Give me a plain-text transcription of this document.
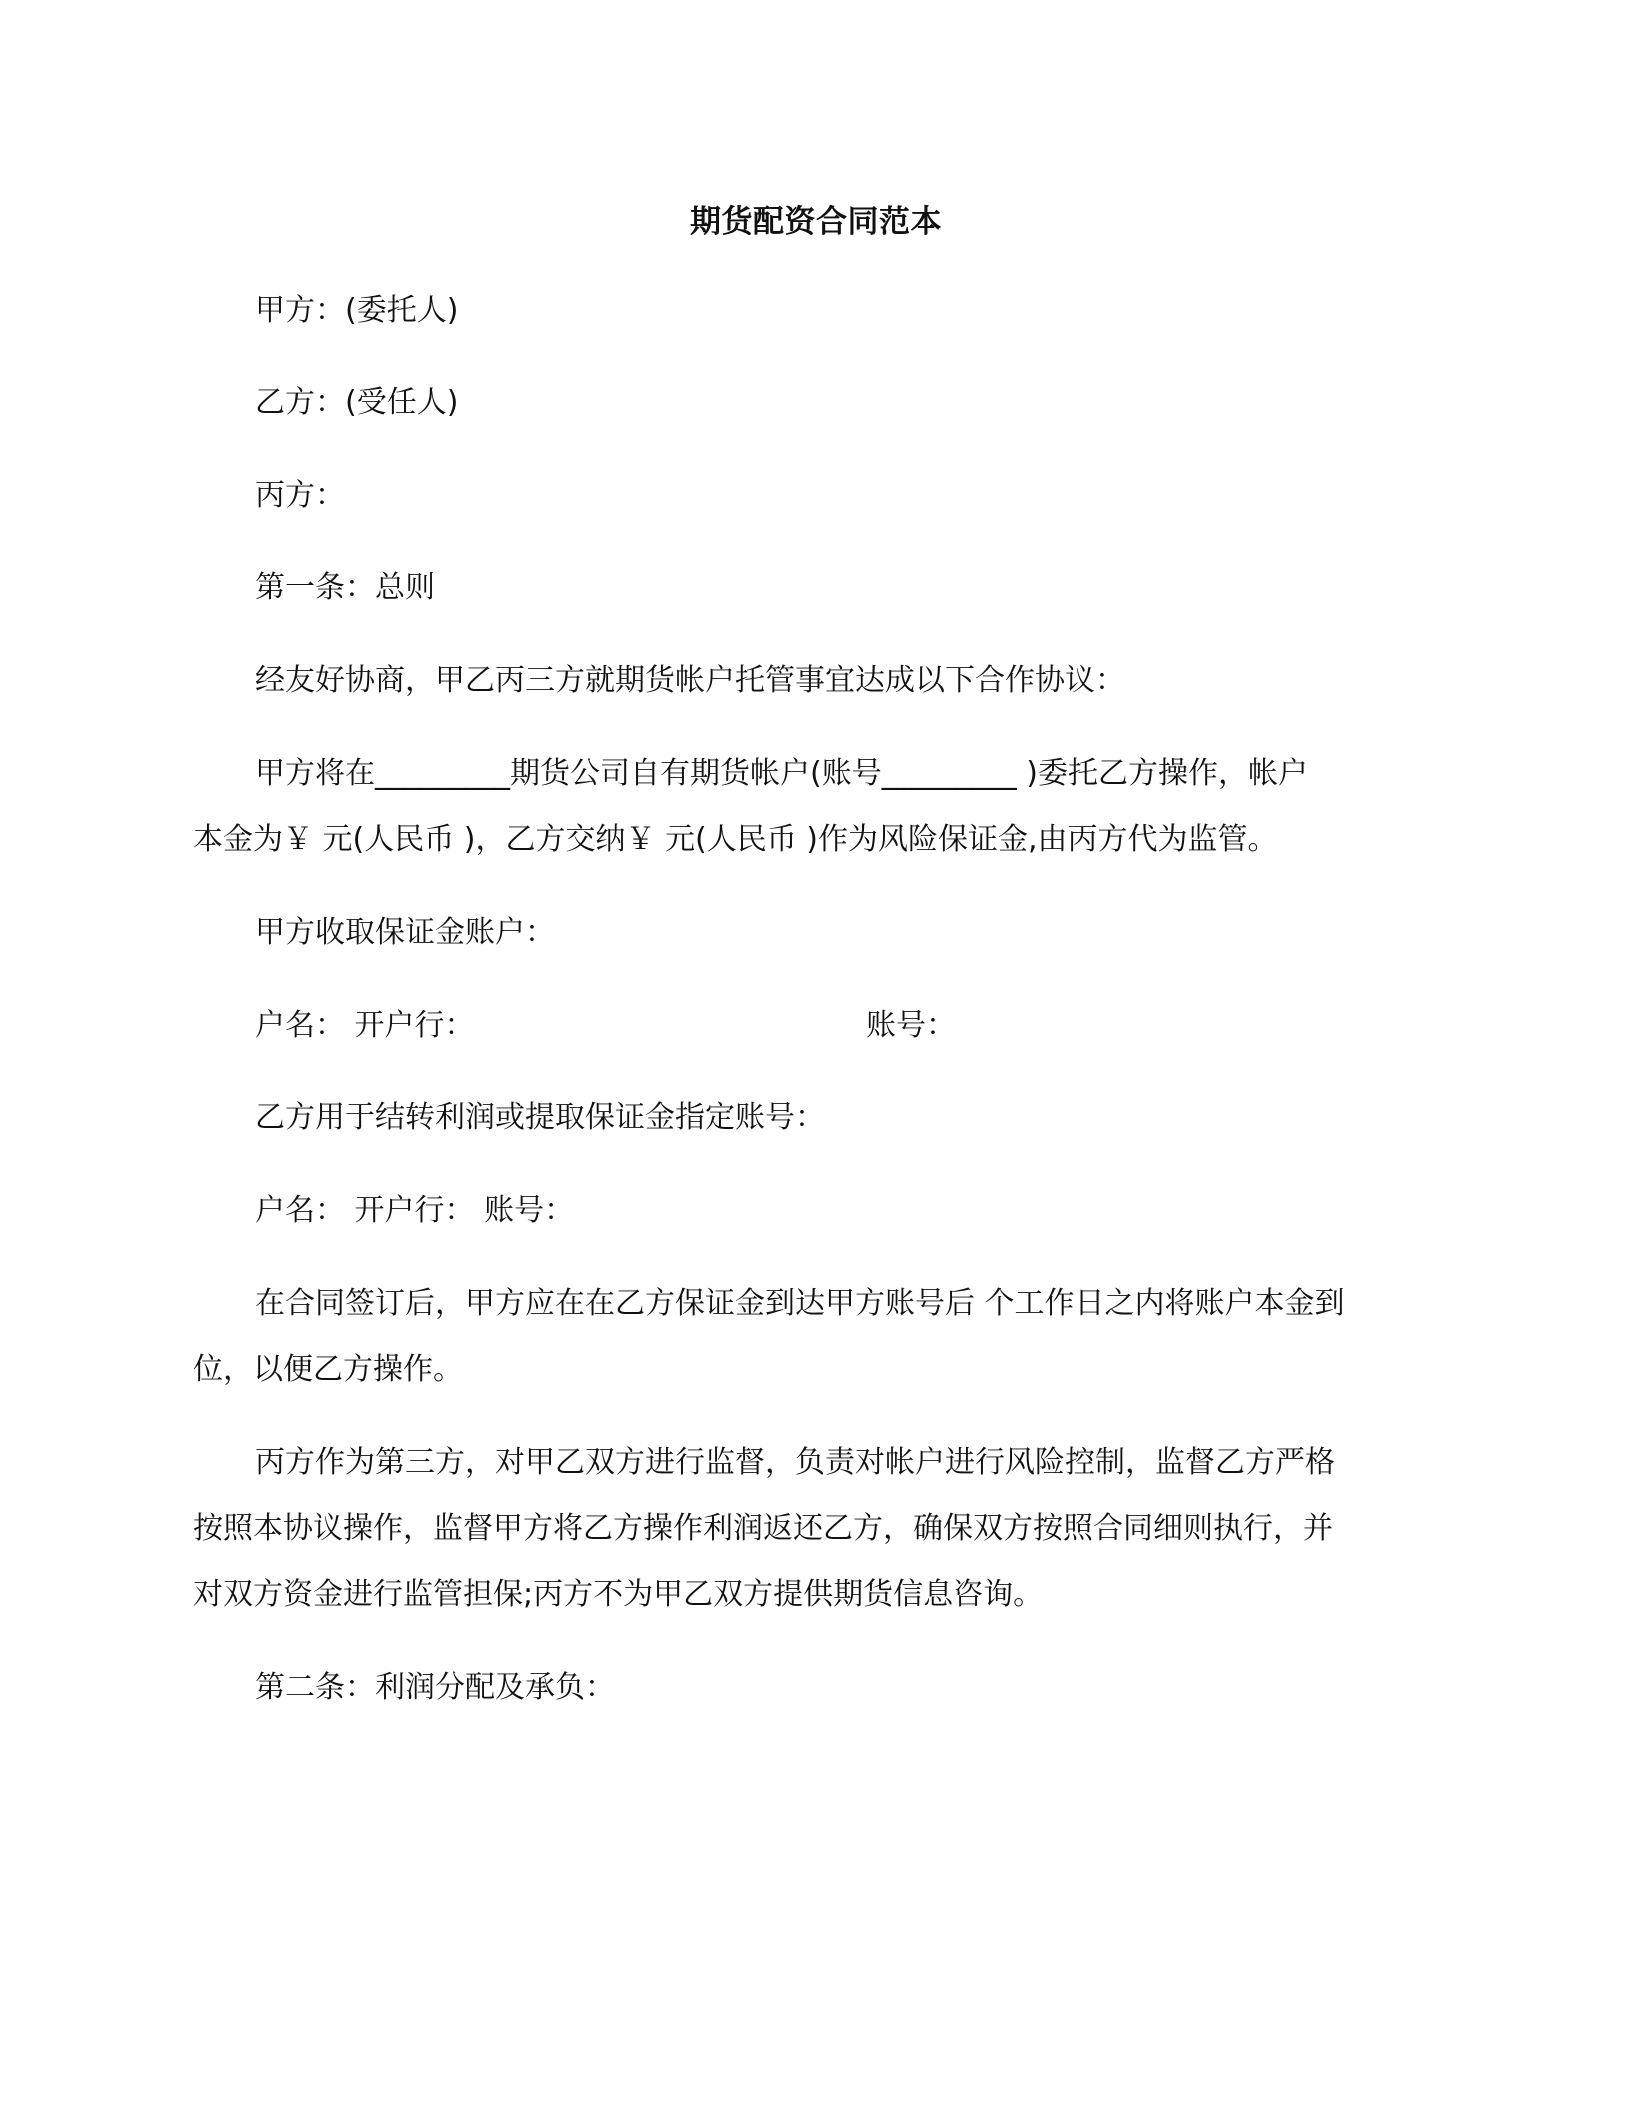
期货配资合同范本
甲方：(委托人)
乙方：(受任人)
丙方：
第一条：总则
经友好协商，甲乙丙三方就期货帐户托管事宜达成以下合作协议：
甲方将在_________期货公司自有期货帐户(账号_________ )委托乙方操作，帐户
本金为￥ 元(人民币 )，乙方交纳￥ 元(人民币 )作为风险保证金,由丙方代为监管。
甲方收取保证金账户：
户名： 开户行：	账号：
乙方用于结转利润或提取保证金指定账号：
户名： 开户行： 账号：
在合同签订后，甲方应在在乙方保证金到达甲方账号后 个工作日之内将账户本金到
位，以便乙方操作。
丙方作为第三方，对甲乙双方进行监督，负责对帐户进行风险控制，监督乙方严格
按照本协议操作，监督甲方将乙方操作利润返还乙方，确保双方按照合同细则执行，并
对双方资金进行监管担保;丙方不为甲乙双方提供期货信息咨询。
第二条：利润分配及承负：
